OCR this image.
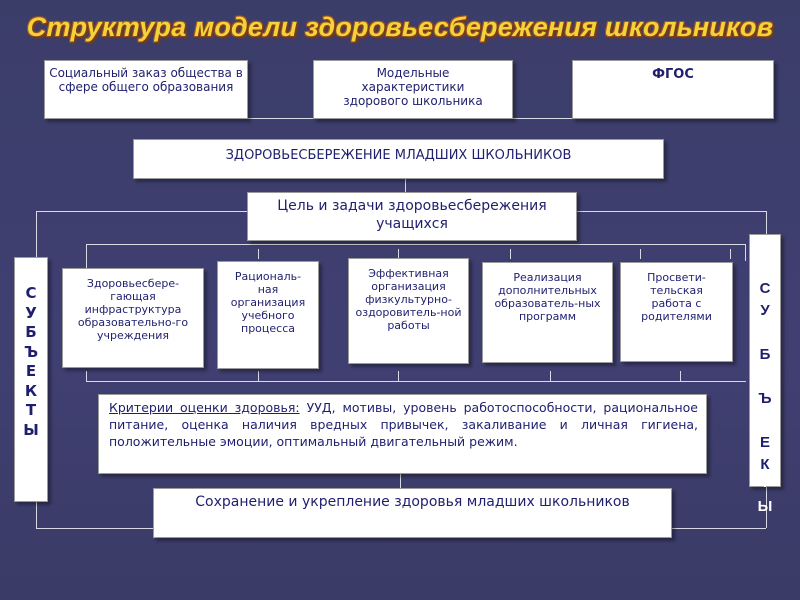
Структура модели здоровьесбережения школьников
Социальный заказ общества в сфере общего образования
Модельные характеристики здорового школьника
ФГОС
ЗДОРОВЬЕСБЕРЕЖЕНИЕ МЛАДШИХ ШКОЛЬНИКОВ
Цель и задачи здоровьесбережения учащихся
С
У
Б
Ъ
Е
К
Т
Ы
С
У
Б
Ъ
Е
К
Т
Ы
Здоровьесбере-гающая инфраструктура образовательно-го учреждения
Рациональ-ная организация учебного процесса
Эффективная организация физкультурно-оздоровитель-ной работы
Реализация дополнительных образователь-ных программ
Просвети-тельская работа с родителями
Критерии оценки здоровья: УУД, мотивы, уровень работоспособности, рациональное питание, оценка наличия вредных привычек, закаливание и личная гигиена, положительные эмоции, оптимальный двигательный режим.
Сохранение и укрепление здоровья младших школьников
